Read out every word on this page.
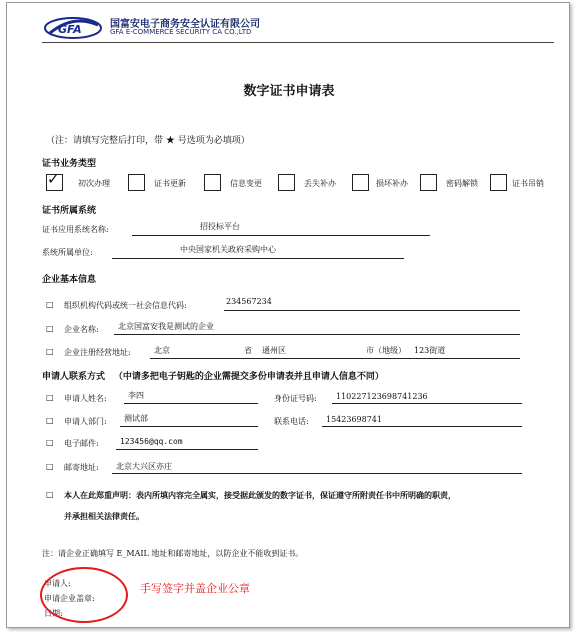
GFA	国富安电子商务安全认证有限公司
GFA E-COMMERCE SECURITY CA CO.,LTD
数字证书申请表
（注：请填写完整后打印，带 ★ 号选项为必填项）
证书业务类型
✓ 初次办理	证书更新	信息变更	丢失补办	损坏补办	密码解锁	证书吊销
证书所属系统
证书应用系统名称:	招投标平台
系统所属单位:	中央国家机关政府采购中心
企业基本信息
□ 组织机构代码或统一社会信息代码:	234567234
□ 企业名称: 北京国富安我是测试的企业
□ 企业注册经营地址:	北京	省 通州区	市（地级） 123街道
申请人联系方式 （中请多把电子钥匙的企业需提交多份申请表并且申请人信息不同）
□ 申请人姓名:	李四	身份证号码: 110227123698741236
□ 申请人部门: 测试部	联系电话: 15423698741
□ 电子邮件:	123456@qq.com
□ 邮寄地址: 北京大兴区亦庄
□ 本人在此郑重声明：表内所填内容完全属实，接受据此颁发的数字证书，保证遵守所附责任书中所明确的职责，
并承担相关法律责任。
注：请企业正确填写 E_MAIL 地址和邮寄地址，以防企业不能收到证书。
申请人:
申请企业盖章:
日期:
手写签字并盖企业公章
